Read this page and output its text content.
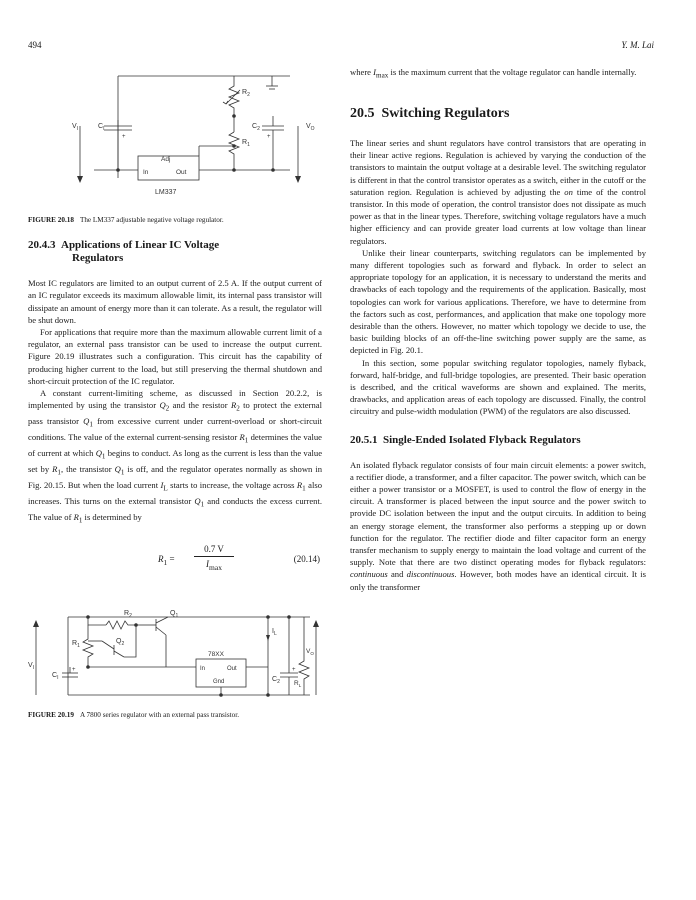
494	Y. M. Lai
$V_I$	$C_I$
$R_2$
$R_1$
$C_2$	$V_O$
+	+
Adj
In	Out
LM337
FIGURE 20.18 The LM337 adjustable negative voltage regulator.
20.4.3 Applications of Linear IC Voltage
Regulators

Most IC regulators are limited to an output current of 2.5 A. If the output current of an IC regulator exceeds its maximum allowable limit, its internal pass transistor will dissipate an amount of energy more than it can tolerate. As a result, the regulator will be shut down.

For applications that require more than the maximum allowable current limit of a regulator, an external pass transistor can be used to increase the output current. Figure 20.19 illustrates such a configuration. This circuit has the capability of producing higher current to the load, but still preserving the thermal shutdown and short-circuit protection of the IC regulator.

A constant current-limiting scheme, as discussed in Section 20.2.2, is implemented by using the transistor $Q_2$ and the resistor $R_2$ to protect the external pass transistor $Q_1$ from excessive current under current-overload or short-circuit conditions. The value of the external current-sensing resistor $R_1$ determines the value of current at which $Q_1$ begins to conduct. As long as the current is less than the value set by $R_1$, the transistor $Q_1$ is off, and the regulator operates normally as shown in Fig. 20.15. But when the load current $I_L$ starts to increase, the voltage across $R_1$ also increases. This turns on the external transistor $Q_1$ and conducts the excess current. The value of $R_1$ is determined by

$R_1$ =
0.7 V
$I_{max}$
(20.14)
$R_2$	$Q_1$
$R_1$
$Q_2$
78XX
In	Out
Gnd
$V_I$
$C_I$	$C_2$ $R_L$
$V_O$
$I_L$
+	+
FIGURE 20.19 A 7800 series regulator with an external pass transistor.

where $I_{max}$ is the maximum current that the voltage regulator can handle internally.

20.5 Switching Regulators

The linear series and shunt regulators have control transistors that are operating in their linear active regions. Regulation is achieved by varying the conduction of the transistors to maintain the output voltage at a desirable level. The switching regulator is different in that the control transistor operates as a switch, either in the cutoff or the saturation region. Regulation is achieved by adjusting the on time of the control transistor. In this mode of operation, the control transistor does not dissipate as much power as that in the linear types. Therefore, switching voltage regulators have a much higher efficiency and can provide greater load currents at low voltage than linear regulators.

Unlike their linear counterparts, switching regulators can be implemented by many different topologies such as forward and flyback. In order to select an appropriate topology for an application, it is necessary to understand the merits and drawbacks of each topology and the requirements of the application. Basically, most topologies can work for various applications. Therefore, we have to determine from the factors such as cost, performances, and application that make one topology more desirable than the others. However, no matter which topology we decide to use, the basic building blocks of an off-the-line switching power supply are the same, as depicted in Fig. 20.1.

In this section, some popular switching regulator topologies, namely flyback, forward, half-bridge, and full-bridge topologies, are presented. Their basic operation is described, and the critical waveforms are shown and explained. The merits, drawbacks, and application areas of each topology are discussed. Finally, the control circuitry and pulse-width modulation (PWM) of the regulators are also discussed.

20.5.1 Single-Ended Isolated Flyback Regulators

An isolated flyback regulator consists of four main circuit elements: a power switch, a rectifier diode, a transformer, and a filter capacitor. The power switch, which can be either a power transistor or a MOSFET, is used to control the flow of energy in the circuit. A transformer is placed between the input source and the power switch to provide DC isolation between the input and the output circuits. In addition to being an energy storage element, the transformer also performs a stepping up or down function for the regulator. The rectifier diode and filter capacitor form an energy transfer mechanism to supply energy to maintain the load voltage and current of the supply. Note that there are two distinct operating modes for flyback regulators: continuous and discontinuous. However, both modes have an identical circuit. It is only the transformer
